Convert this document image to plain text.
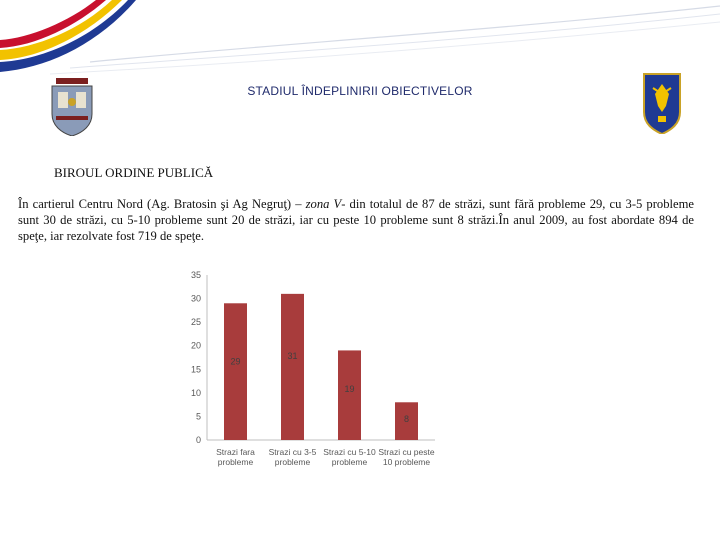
STADIUL ÎNDEPLINIRII OBIECTIVELOR
BIROUL ORDINE PUBLICĂ
În cartierul Centru Nord (Ag. Bratosin şi Ag Negruţ) – zona V- din totalul de 87 de străzi, sunt fără probleme 29, cu 3-5 probleme sunt 30 de străzi, cu 5-10 probleme sunt 20 de străzi, iar cu peste 10 probleme sunt 8 străzi.În anul 2009, au fost abordate 894 de speţe, iar rezolvate fost 719 de speţe.
0
5
10
15
20
25
30
35
29
Strazi fara
probleme
31
Strazi cu 3-5
probleme
19
Strazi cu 5-10
probleme
8
Strazi cu peste
10 probleme
